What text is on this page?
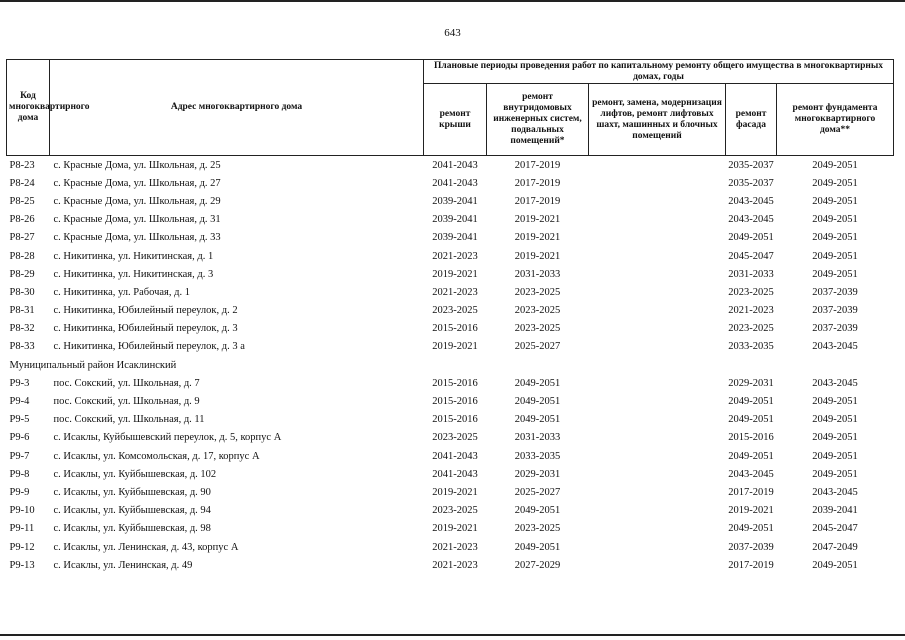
643
Код многоквартирного дома	Адрес многоквартирного дома	Плановые периоды проведения работ по капитальному ремонту общего имущества в многоквартирных домах, годы				
		ремонт крыши	ремонт внутридомовых инженерных систем, подвальных помещений*	ремонт, замена, модернизация лифтов, ремонт лифтовых шахт, машинных и блочных помещений	ремонт фасада	ремонт фундамента многоквартирного дома**
Р8-23	с. Красные Дома, ул. Школьная, д. 25	2041-2043	2017-2019		2035-2037	2049-2051
Р8-24	с. Красные Дома, ул. Школьная, д. 27	2041-2043	2017-2019		2035-2037	2049-2051
Р8-25	с. Красные Дома, ул. Школьная, д. 29	2039-2041	2017-2019		2043-2045	2049-2051
Р8-26	с. Красные Дома, ул. Школьная, д. 31	2039-2041	2019-2021		2043-2045	2049-2051
Р8-27	с. Красные Дома, ул. Школьная, д. 33	2039-2041	2019-2021		2049-2051	2049-2051
Р8-28	с. Никитинка, ул. Никитинская, д. 1	2021-2023	2019-2021		2045-2047	2049-2051
Р8-29	с. Никитинка, ул. Никитинская, д. 3	2019-2021	2031-2033		2031-2033	2049-2051
Р8-30	с. Никитинка, ул. Рабочая, д. 1	2021-2023	2023-2025		2023-2025	2037-2039
Р8-31	с. Никитинка, Юбилейный переулок, д. 2	2023-2025	2023-2025		2021-2023	2037-2039
Р8-32	с. Никитинка, Юбилейный переулок, д. 3	2015-2016	2023-2025		2023-2025	2037-2039
Р8-33	с. Никитинка, Юбилейный переулок, д. 3 а	2019-2021	2025-2027		2033-2035	2043-2045
Муниципальный район Исаклинский						
Р9-3	пос. Сокский, ул. Школьная, д. 7	2015-2016	2049-2051		2029-2031	2043-2045
Р9-4	пос. Сокский, ул. Школьная, д. 9	2015-2016	2049-2051		2049-2051	2049-2051
Р9-5	пос. Сокский, ул. Школьная, д. 11	2015-2016	2049-2051		2049-2051	2049-2051
Р9-6	с. Исаклы, Куйбышевский переулок, д. 5, корпус А	2023-2025	2031-2033		2015-2016	2049-2051
Р9-7	с. Исаклы, ул. Комсомольская, д. 17, корпус А	2041-2043	2033-2035		2049-2051	2049-2051
Р9-8	с. Исаклы, ул. Куйбышевская, д. 102	2041-2043	2029-2031		2043-2045	2049-2051
Р9-9	с. Исаклы, ул. Куйбышевская, д. 90	2019-2021	2025-2027		2017-2019	2043-2045
Р9-10	с. Исаклы, ул. Куйбышевская, д. 94	2023-2025	2049-2051		2019-2021	2039-2041
Р9-11	с. Исаклы, ул. Куйбышевская, д. 98	2019-2021	2023-2025		2049-2051	2045-2047
Р9-12	с. Исаклы, ул. Ленинская, д. 43, корпус А	2021-2023	2049-2051		2037-2039	2047-2049
Р9-13	с. Исаклы, ул. Ленинская, д. 49	2021-2023	2027-2029		2017-2019	2049-2051
